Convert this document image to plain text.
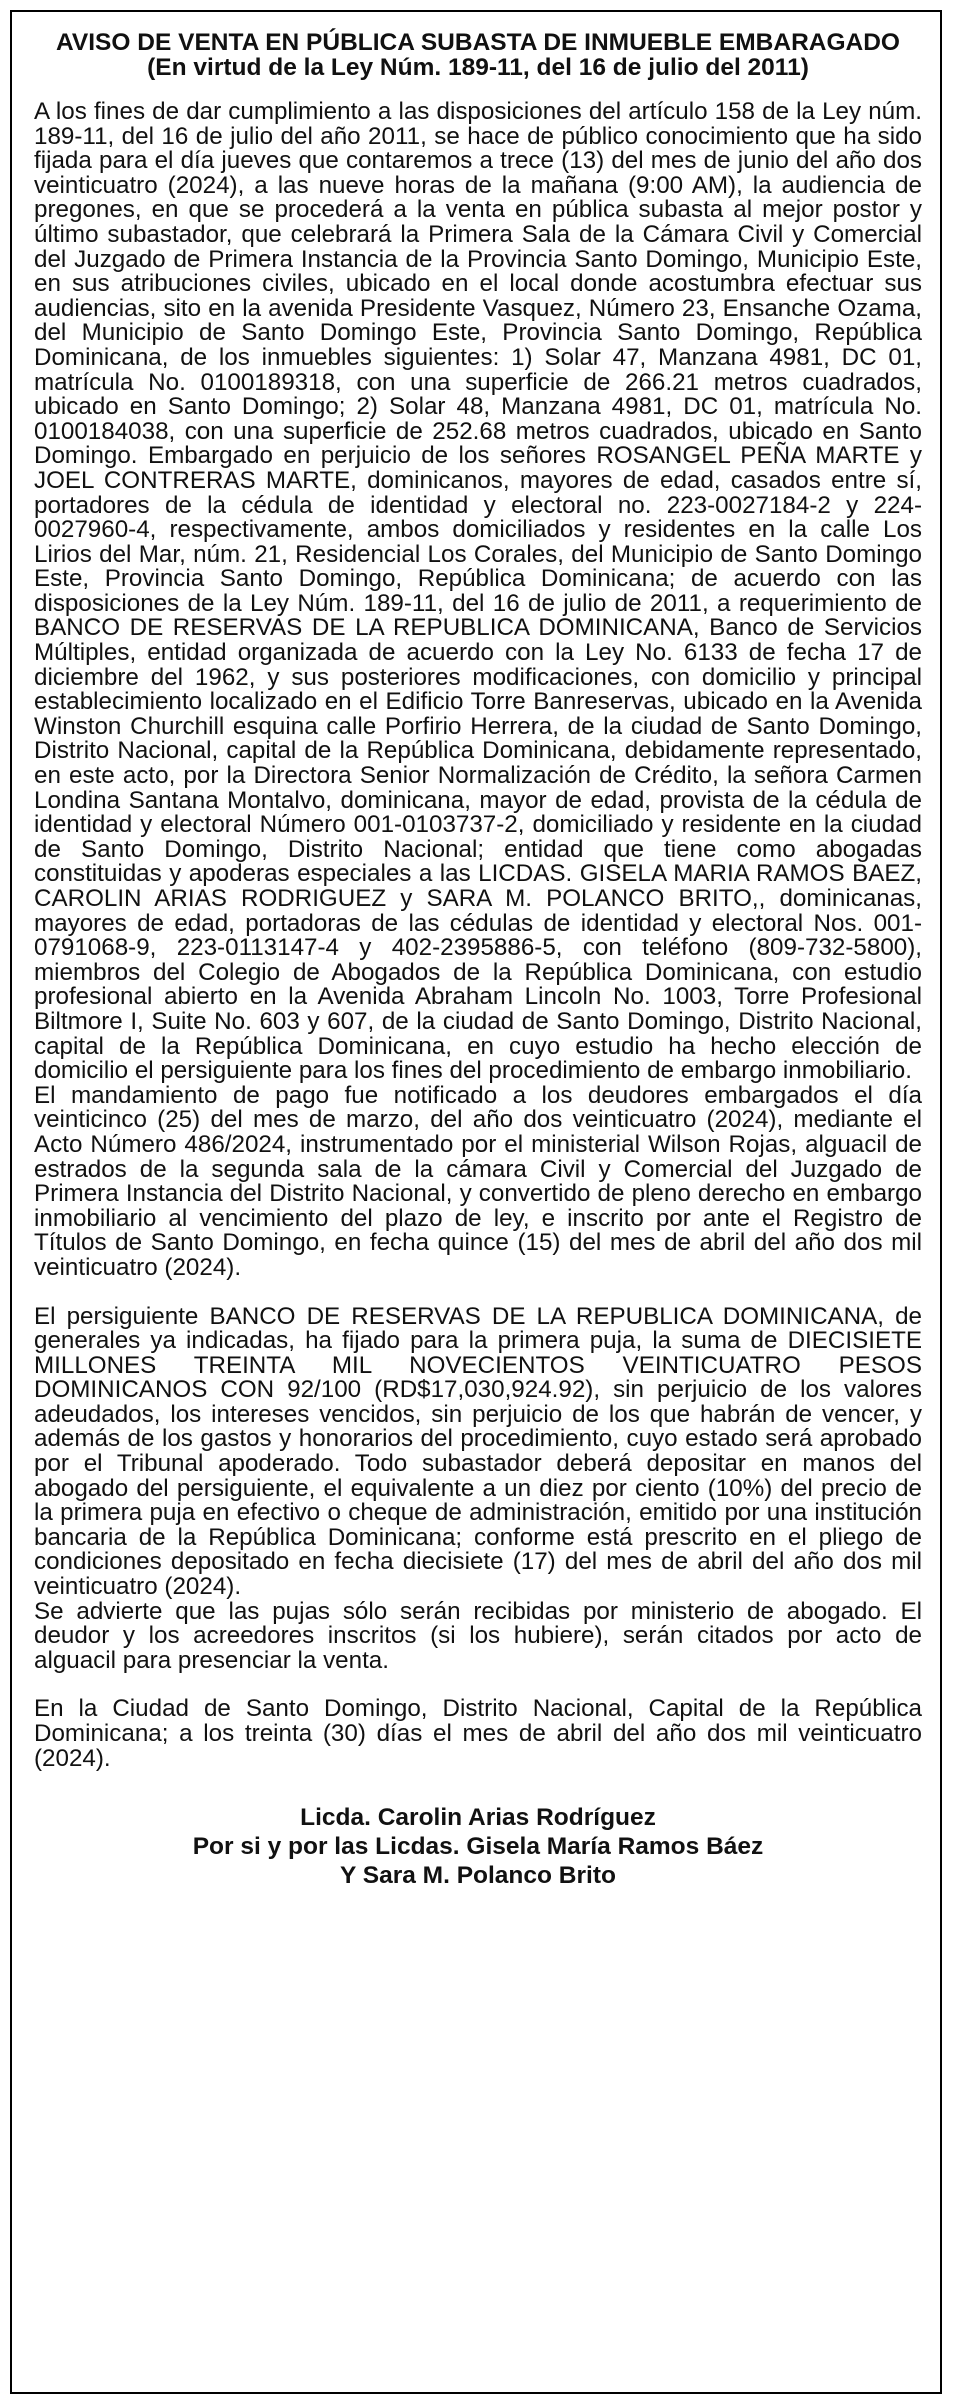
AVISO DE VENTA EN PÚBLICA SUBASTA DE INMUEBLE EMBARAGADO
(En virtud de la Ley Núm. 189-11, del 16 de julio del 2011)

A los fines de dar cumplimiento a las disposiciones del artículo 158 de la Ley núm. 189-11, del 16 de julio del año 2011, se hace de público conocimiento que ha sido fijada para el día jueves que contaremos a trece (13) del mes de junio del año dos veinticuatro (2024), a las nueve horas de la mañana (9:00 AM), la audiencia de pregones, en que se procederá a la venta en pública subasta al mejor postor y último subastador, que celebrará la Primera Sala de la Cámara Civil y Comercial del Juzgado de Primera Instancia de la Provincia Santo Domingo, Municipio Este, en sus atribuciones civiles, ubicado en el local donde acostumbra efectuar sus audiencias, sito en la avenida Presidente Vasquez, Número 23, Ensanche Ozama, del Municipio de Santo Domingo Este, Provincia Santo Domingo, República Dominicana, de los inmuebles siguientes: 1) Solar 47, Manzana 4981, DC 01, matrícula No. 0100189318, con una superficie de 266.21 metros cuadrados, ubicado en Santo Domingo; 2) Solar 48, Manzana 4981, DC 01, matrícula No. 0100184038, con una superficie de 252.68 metros cuadrados, ubicado en Santo Domingo. Embargado en perjuicio de los señores ROSANGEL PEÑA MARTE y JOEL CONTRERAS MARTE, dominicanos, mayores de edad, casados entre sí, portadores de la cédula de identidad y electoral no. 223-0027184-2 y 224-0027960-4, respectivamente, ambos domiciliados y residentes en la calle Los Lirios del Mar, núm. 21, Residencial Los Corales, del Municipio de Santo Domingo Este, Provincia Santo Domingo, República Dominicana; de acuerdo con las disposiciones de la Ley Núm. 189-11, del 16 de julio de 2011, a requerimiento de BANCO DE RESERVAS DE LA REPUBLICA DOMINICANA, Banco de Servicios Múltiples, entidad organizada de acuerdo con la Ley No. 6133 de fecha 17 de diciembre del 1962, y sus posteriores modificaciones, con domicilio y principal establecimiento localizado en el Edificio Torre Banreservas, ubicado en la Avenida Winston Churchill esquina calle Porfirio Herrera, de la ciudad de Santo Domingo, Distrito Nacional, capital de la República Dominicana, debidamente representado, en este acto, por la Directora Senior Normalización de Crédito, la señora Carmen Londina Santana Montalvo, dominicana, mayor de edad, provista de la cédula de identidad y electoral Número 001-0103737-2, domiciliado y residente en la ciudad de Santo Domingo, Distrito Nacional; entidad que tiene como abogadas constituidas y apoderas especiales a las LICDAS. GISELA MARIA RAMOS BAEZ, CAROLIN ARIAS RODRIGUEZ y SARA M. POLANCO BRITO,, dominicanas, mayores de edad, portadoras de las cédulas de identidad y electoral Nos. 001-0791068-9, 223-0113147-4 y 402-2395886-5, con teléfono (809-732-5800), miembros del Colegio de Abogados de la República Dominicana, con estudio profesional abierto en la Avenida Abraham Lincoln No. 1003, Torre Profesional Biltmore I, Suite No. 603 y 607, de la ciudad de Santo Domingo, Distrito Nacional, capital de la República Dominicana, en cuyo estudio ha hecho elección de domicilio el persiguiente para los fines del procedimiento de embargo inmobiliario.

El mandamiento de pago fue notificado a los deudores embargados el día veinticinco (25) del mes de marzo, del año dos veinticuatro (2024), mediante el Acto Número 486/2024, instrumentado por el ministerial Wilson Rojas, alguacil de estrados de la segunda sala de la cámara Civil y Comercial del Juzgado de Primera Instancia del Distrito Nacional, y convertido de pleno derecho en embargo inmobiliario al vencimiento del plazo de ley, e inscrito por ante el Registro de Títulos de Santo Domingo, en fecha quince (15) del mes de abril del año dos mil veinticuatro (2024).

El persiguiente BANCO DE RESERVAS DE LA REPUBLICA DOMINICANA, de generales ya indicadas, ha fijado para la primera puja, la suma de DIECISIETE MILLONES TREINTA MIL NOVECIENTOS VEINTICUATRO PESOS DOMINICANOS CON 92/100 (RD$17,030,924.92), sin perjuicio de los valores adeudados, los intereses vencidos, sin perjuicio de los que habrán de vencer, y además de los gastos y honorarios del procedimiento, cuyo estado será aprobado por el Tribunal apoderado. Todo subastador deberá depositar en manos del abogado del persiguiente, el equivalente a un diez por ciento (10%) del precio de la primera puja en efectivo o cheque de administración, emitido por una institución bancaria de la República Dominicana; conforme está prescrito en el pliego de condiciones depositado en fecha diecisiete (17) del mes de abril del año dos mil veinticuatro (2024).

Se advierte que las pujas sólo serán recibidas por ministerio de abogado. El deudor y los acreedores inscritos (si los hubiere), serán citados por acto de alguacil para presenciar la venta.

En la Ciudad de Santo Domingo, Distrito Nacional, Capital de la República Dominicana; a los treinta (30) días el mes de abril del año dos mil veinticuatro (2024).

Licda. Carolin Arias Rodríguez
Por si y por las Licdas. Gisela María Ramos Báez
Y Sara M. Polanco Brito
